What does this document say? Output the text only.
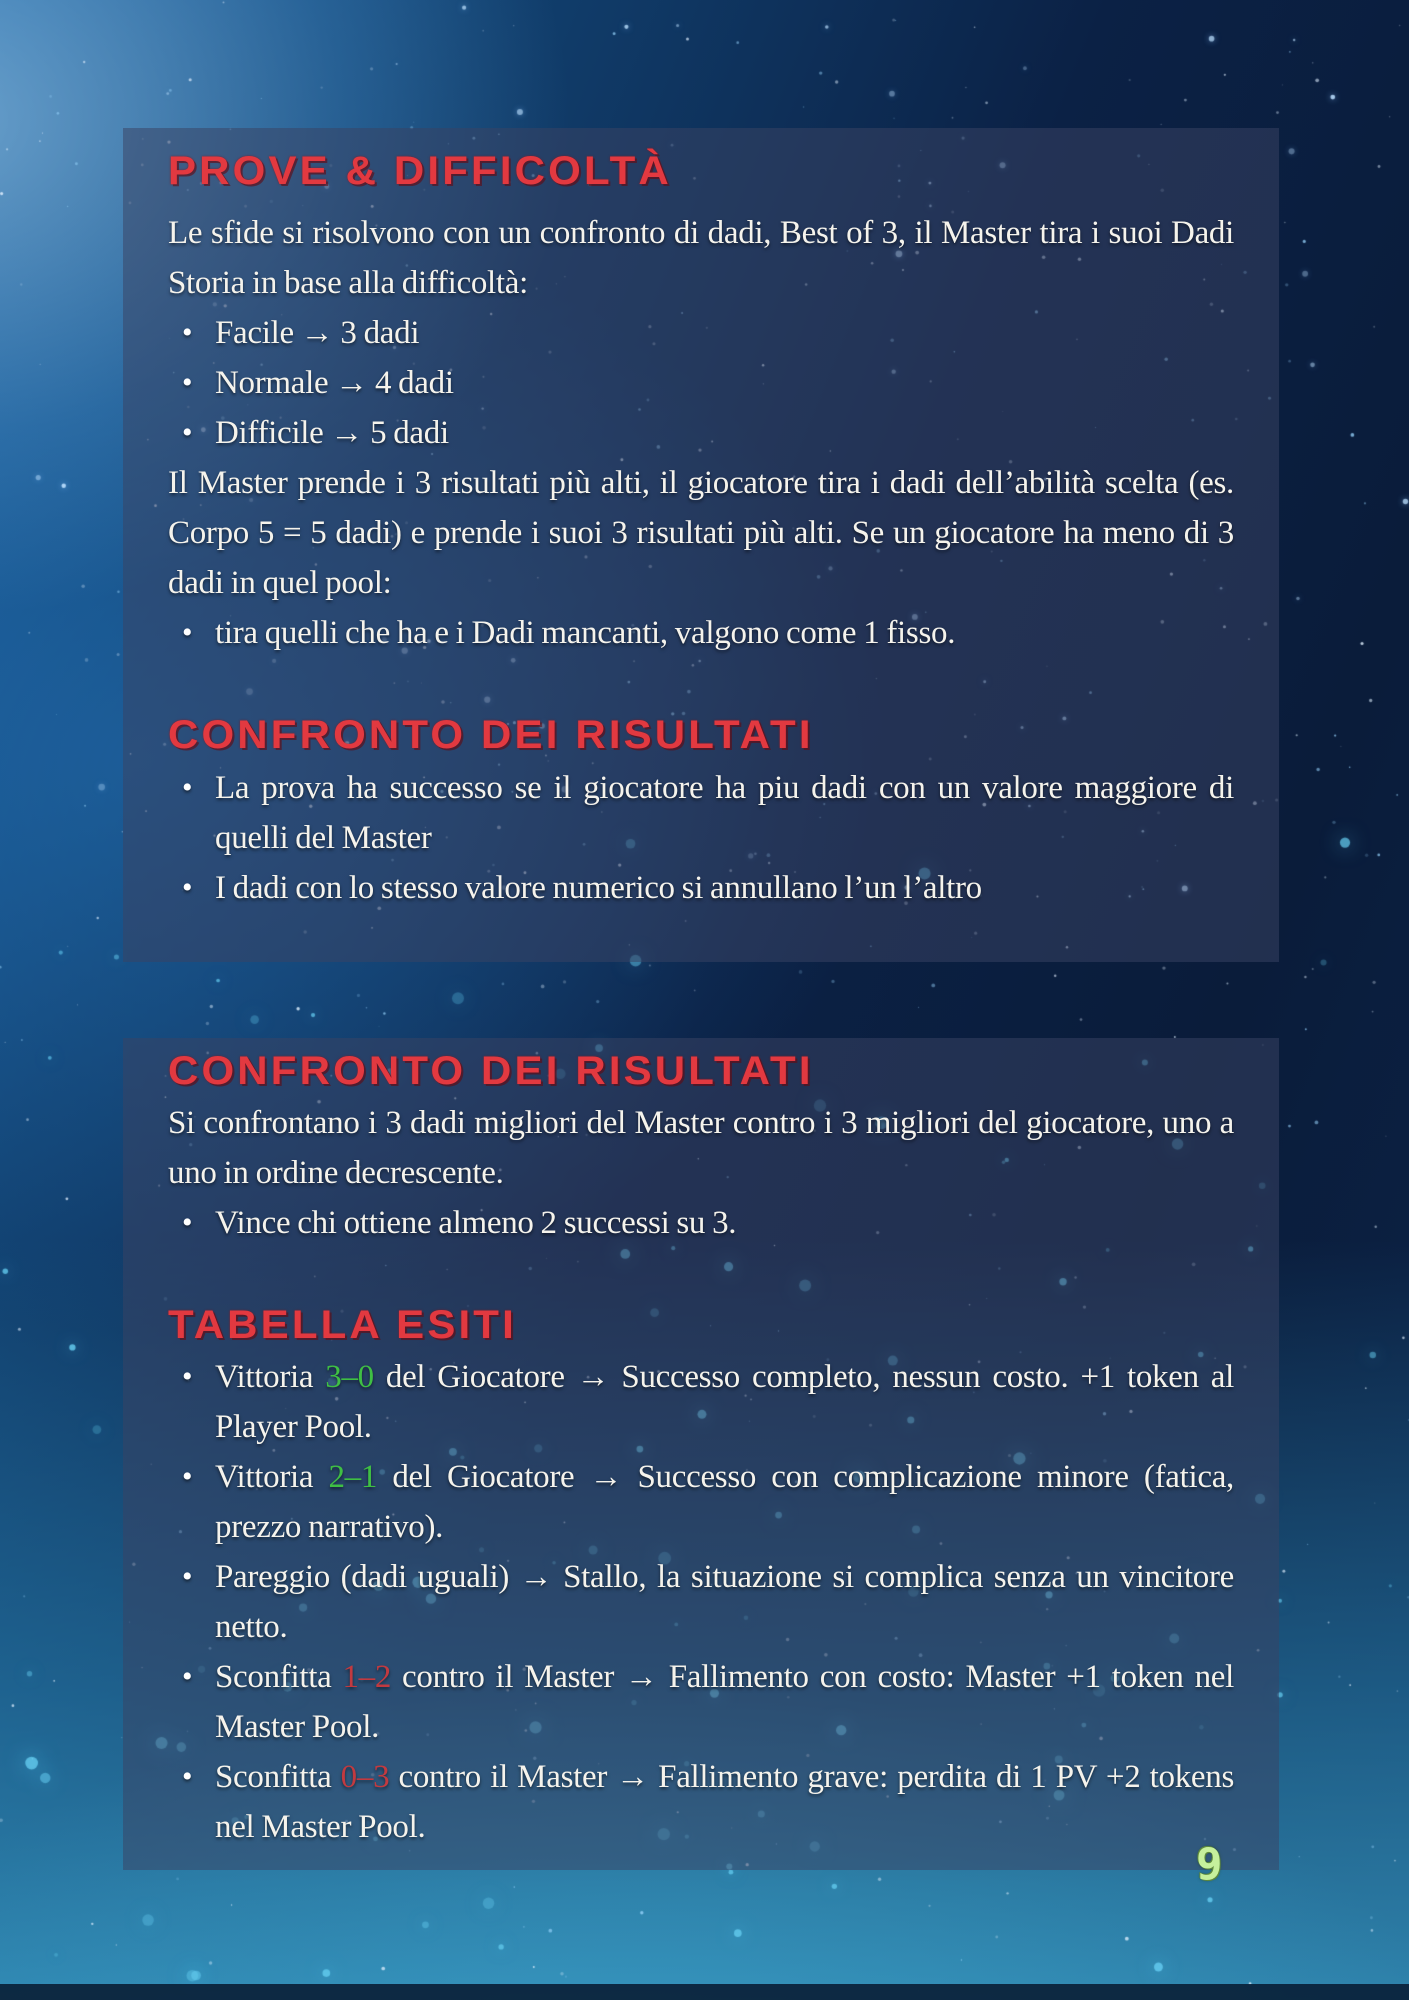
PROVE & DIFFICOLTÀ

Le sfide si risolvono con un confronto di dadi, Best of 3, il Master tira i suoi Dadi Storia in base alla difficoltà:

• Facile → 3 dadi
• Normale → 4 dadi
• Difficile → 5 dadi

Il Master prende i 3 risultati più alti, il giocatore tira i dadi dell’abilità scelta (es. Corpo 5 = 5 dadi) e prende i suoi 3 risultati più alti. Se un giocatore ha meno di 3 dadi in quel pool:

• tira quelli che ha e i Dadi mancanti, valgono come 1 fisso.
CONFRONTO DEI RISULTATI
• La prova ha successo se il giocatore ha piu dadi con un valore maggiore di quelli del Master
• I dadi con lo stesso valore numerico si annullano l’un l’altro
CONFRONTO DEI RISULTATI

Si confrontano i 3 dadi migliori del Master contro i 3 migliori del giocatore, uno a uno in ordine decrescente.

• Vince chi ottiene almeno 2 successi su 3.
TABELLA ESITI
• Vittoria 3–0 del Giocatore → Successo completo, nessun costo. +1 token al Player Pool.
• Vittoria 2–1 del Giocatore → Successo con complicazione minore (fatica, prezzo narrativo).
• Pareggio (dadi uguali) → Stallo, la situazione si complica senza un vincitore netto.
• Sconfitta 1–2 contro il Master → Fallimento con costo: Master +1 token nel Master Pool.
• Sconfitta 0–3 contro il Master → Fallimento grave: perdita di 1 PV +2 tokens nel Master Pool.
9
